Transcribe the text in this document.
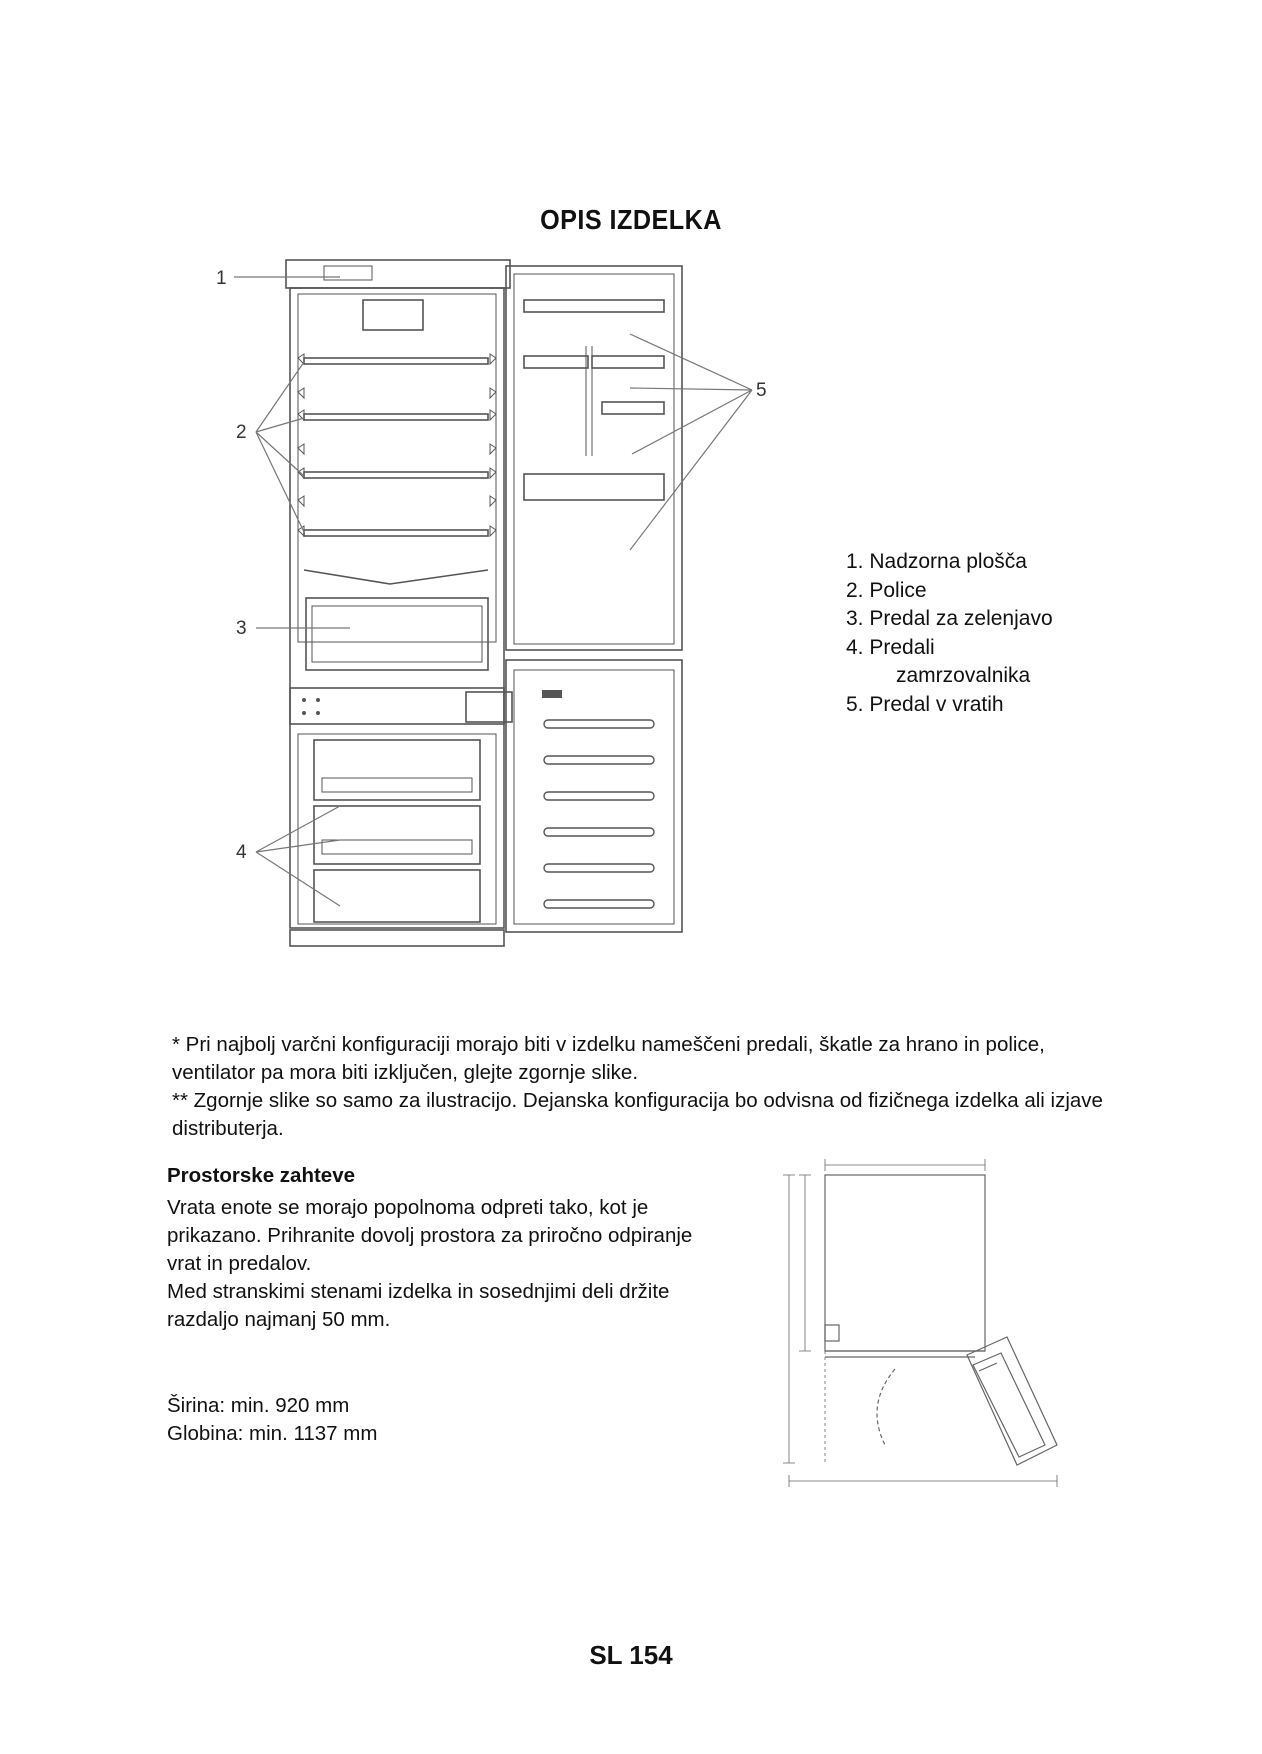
OPIS IZDELKA
1
2
3
4
5
1. Nadzorna plošča
2. Police
3. Predal za zelenjavo
4. Predali
zamrzovalnika
5. Predal v vratih

* Pri najbolj varčni konfiguraciji morajo biti v izdelku nameščeni predali, škatle za hrano in police, ventilator pa mora biti izključen, glejte zgornje slike.

** Zgornje slike so samo za ilustracijo. Dejanska konfiguracija bo odvisna od fizičnega izdelka ali izjave distributerja.

Prostorske zahteve

Vrata enote se morajo popolnoma odpreti tako, kot je prikazano. Prihranite dovolj prostora za priročno odpiranje vrat in predalov.

Med stranskimi stenami izdelka in sosednjimi deli držite razdaljo najmanj 50 mm.

Širina: min. 920 mm
Globina: min. 1137 mm
SL 154
